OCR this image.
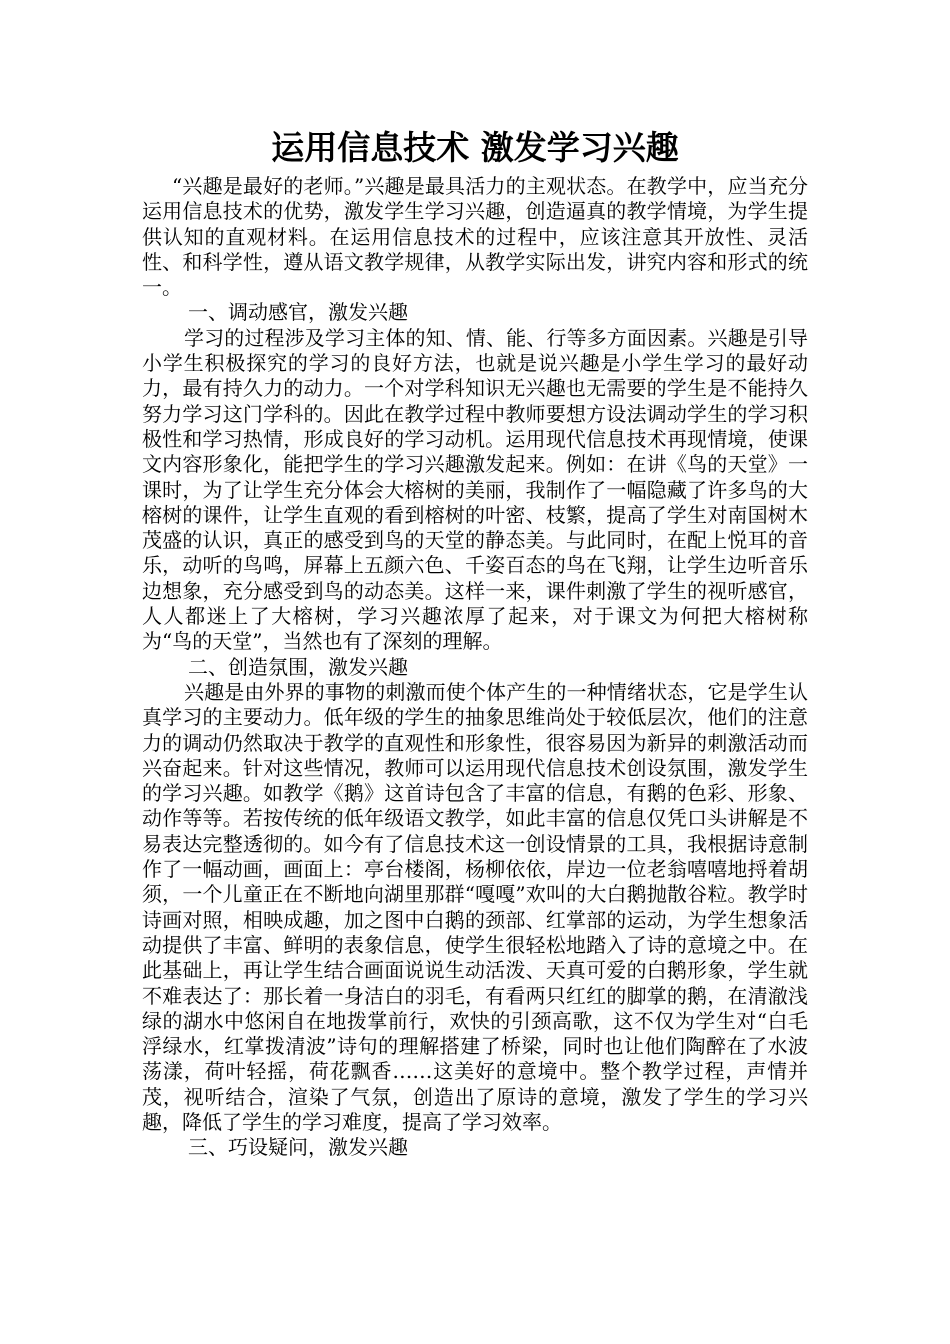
运用信息技术 激发学习兴趣

“兴趣是最好的老师。”兴趣是最具活力的主观状态。在教学中，应当充分运用信息技术的优势，激发学生学习兴趣，创造逼真的教学情境，为学生提供认知的直观材料。在运用信息技术的过程中，应该注意其开放性、灵活性、和科学性，遵从语文教学规律，从教学实际出发，讲究内容和形式的统一。

一、调动感官，激发兴趣

学习的过程涉及学习主体的知、情、能、行等多方面因素。兴趣是引导小学生积极探究的学习的良好方法，也就是说兴趣是小学生学习的最好动力，最有持久力的动力。一个对学科知识无兴趣也无需要的学生是不能持久努力学习这门学科的。因此在教学过程中教师要想方设法调动学生的学习积极性和学习热情，形成良好的学习动机。运用现代信息技术再现情境，使课文内容形象化，能把学生的学习兴趣激发起来。例如：在讲《鸟的天堂》一课时，为了让学生充分体会大榕树的美丽，我制作了一幅隐藏了许多鸟的大榕树的课件，让学生直观的看到榕树的叶密、枝繁，提高了学生对南国树木茂盛的认识，真正的感受到鸟的天堂的静态美。与此同时，在配上悦耳的音乐，动听的鸟鸣，屏幕上五颜六色、千姿百态的鸟在飞翔，让学生边听音乐边想象，充分感受到鸟的动态美。这样一来，课件刺激了学生的视听感官，人人都迷上了大榕树，学习兴趣浓厚了起来，对于课文为何把大榕树称为“鸟的天堂”，当然也有了深刻的理解。

二、创造氛围，激发兴趣

兴趣是由外界的事物的刺激而使个体产生的一种情绪状态，它是学生认真学习的主要动力。低年级的学生的抽象思维尚处于较低层次，他们的注意力的调动仍然取决于教学的直观性和形象性，很容易因为新异的刺激活动而兴奋起来。针对这些情况，教师可以运用现代信息技术创设氛围，激发学生的学习兴趣。如教学《鹅》这首诗包含了丰富的信息，有鹅的色彩、形象、动作等等。若按传统的低年级语文教学，如此丰富的信息仅凭口头讲解是不易表达完整透彻的。如今有了信息技术这一创设情景的工具，我根据诗意制作了一幅动画，画面上：亭台楼阁，杨柳依依，岸边一位老翁嘻嘻地捋着胡须，一个儿童正在不断地向湖里那群“嘎嘎”欢叫的大白鹅抛散谷粒。教学时诗画对照，相映成趣，加之图中白鹅的颈部、红掌部的运动，为学生想象活动提供了丰富、鲜明的表象信息，使学生很轻松地踏入了诗的意境之中。在此基础上，再让学生结合画面说说生动活泼、天真可爱的白鹅形象，学生就不难表达了：那长着一身洁白的羽毛，有看两只红红的脚掌的鹅，在清澈浅绿的湖水中悠闲自在地拨掌前行，欢快的引颈高歌，这不仅为学生对“白毛浮绿水，红掌拨清波”诗句的理解搭建了桥梁，同时也让他们陶醉在了水波荡漾，荷叶轻摇，荷花飘香……这美好的意境中。整个教学过程，声情并茂，视听结合，渲染了气氛，创造出了原诗的意境，激发了学生的学习兴趣，降低了学生的学习难度，提高了学习效率。

三、巧设疑问，激发兴趣
